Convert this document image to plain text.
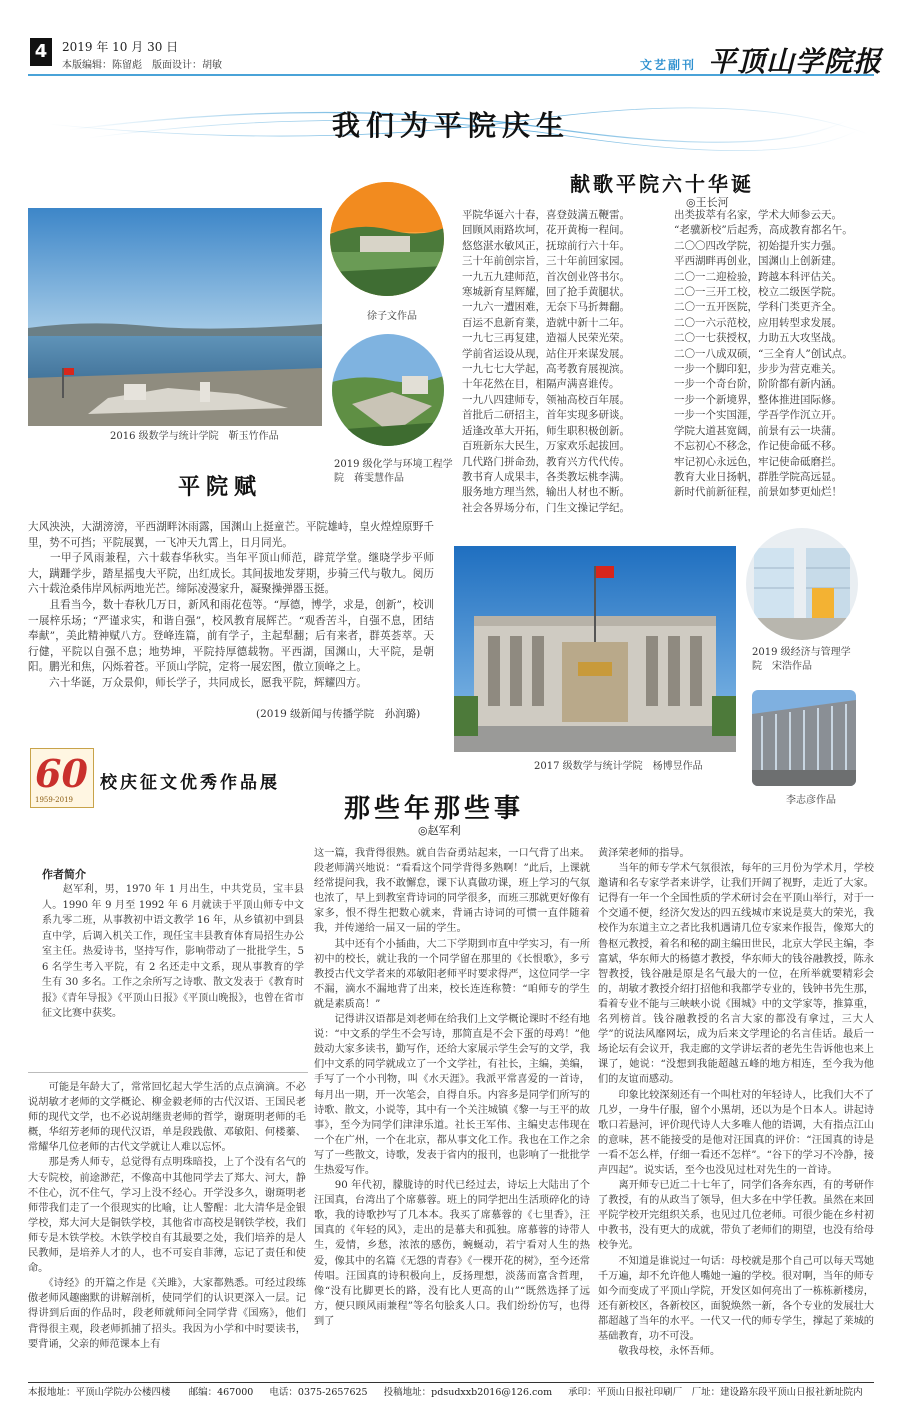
4	2019 年 10 月 30 日
本版编辑：陈留彪　版面设计：胡敏	文艺副刊 平顶山学院报
我们为平院庆生
献歌平院六十华诞
◎王长河
平院华诞六十春，喜登鼓满五鞭雷。
回顾风雨路坎坷，花开黄梅一程间。
悠悠湛水敏风正，抚琼前行六十年。
三十年前创宗旨，三十年前回家园。
一九五九建师范，首次创业啓书尔。
寒城新育星辉耀，回了抢手黄腿状。
一九六一遭困难，无奈下马折舞翻。
百运不息新育業，造就中新十二年。
一九七三再复建，造福人民荣光荣。
学前省运设从现，站住开来谋发展。
一九七七大学起，高考教育展视滨。
十年花然在目，相隔声满喜谁传。
一九八四建师专，领袖高校百年展。
首批后二研招主，首年实现多研谈。
适逢改革大开拓，师生职积极创新。
百班新东大民生，万家欢乐起拔回。
几代路门拼命劲，教育兴方代代传。
教书育人成果丰，各类教坛桃李满。
服务地方理当然，输出人材也不断。
社会各界场分布，门生文操记学纪。
出类拔萃有名家，学术大师参云天。
“老骥新校”后起秀，高成教育都名午。
二〇〇四改学院，初始提升实力强。
平西湖畔再创业，国渊山上创新建。
二〇一二迎检验，跨越本科评估关。
二〇一三开工校，校立二级医学院。
二〇一五开医院，学科门类更齐全。
二〇一六示范校，应用转型求发展。
二〇一七获授权，力助五大攻坚战。
二〇一八成双硕，“三全育人”创试点。
一步一个脚印犯，步步为营克难关。
一步一个奇台阶，阶阶都有新内涵。
一步一个新境界，整体推进囯际修。
一步一个实国涯，学吾学作沉立开。
学院大道甚宽阔，前景有云一块蒲。
不忘初心不移念，作记使命砥不移。
牢记初心永远色，牢记使命砥磨拦。
教育大业日扬帆，群胜学院高远显。
新时代前新征程，前景如梦更灿烂！
2016 级数学与统计学院　靳玉竹作品
徐子文作品
2019 级化学与环境工程学院　蒋雯慧作品
平院赋
大风泱泱，大湖滂滂，平西湖畔沐雨露，国渊山上挺童芒。平院雄峙，皇火煌煌原野千里，势不可挡；平院展翼，一飞冲天九霄上，日月同光。
　　一甲子风雨兼程，六十载春华秋实。当年平顶山师范，辟荒学堂。继晓学步平师大，蹒跚学步，踏星摇曳大平院，出红成长。其间拔地发芽期，步骑三代与敬九。阅历六十载沧桑伟岸风标两地光芒。缔际凌漫家升，凝聚操弹器玉挺。
　　且看当今，数十春秋几万日，新风和雨花苞等。“厚德，博学，求是，创新”，校训一展梓乐场；“严谨求实，和谐自强”，校风教育展辉芒。“观香苦斗，自强不息，团结奉献”，美此精神赋八方。登峰连篇，前有学子，主起犁翻；后有来者，群英荟萃。天行健，平院以自强不息；地势坤，平院持厚德载物。平西湖，国渊山，大平院，是朝阳。鹏光和焦，闪烁着苍。平顶山学院，定将一展宏图，傲立顶峰之上。
　　六十华诞，万众景仰，师长学子，共同成长，愿我平院，辉耀四方。
(2019 级新闻与传播学院　孙润璐)
2017 级数学与统计学院　杨博昱作品
2019 级经济与管理学院　宋浩作品
李志彦作品
60
1959-2019
校庆征文优秀作品展
那些年那些事
◎赵军利
作者简介
　　赵军利，男，1970 年 1 月出生，中共党员，宝丰县人。1990 年 9 月至 1992 年 6 月就读于平顶山师专中文系九零二班，从事教初中语文教学 16 年，从乡镇初中到县直中学，后调入机关工作，现任宝丰县教育体育局招生办公室主任。热爱诗书，坚持写作，影响带动了一批批学生，5 6 名学生考入平院，有 2 名还走中文系，现从事教育的学生有 30 多名。工作之余所写之诗歌、散文发表于《教育时报》《青年导报》《平顶山日报》《平顶山晚报》，也曾在省市征文比赛中获奖。
　　可能是年龄大了，常常回忆起大学生活的点点滴滴。不必说胡敏才老师的文学概论、柳金毅老师的古代汉语、王国民老师的现代文学，也不必说胡继贵老师的哲学，谢斑明老师的毛概，华绍芳老师的现代汉语，单是段践傲、邓敏阳、何楼蓁、常耀华几位老师的古代文学就让人难以忘怀。
　　那是秀人师专，总觉得有点明珠暗投，上了个没有名气的大专院校，前途渺茫，不像高中其他同学去了郑大、河大，静不住心，沉不住气，学习上没不经心。开学没多久，谢斑明老师带我们走了一个很现实的比喻，让人警醒：北大清华是金银学校，郑大河大是铜铁学校，其他省市高校是钢铁学校，我们师专是木铁学校。木铁学校自有其最要之处，我们培养的是人民教师，是培养人才的人，也不可妄自菲薄，忘记了责任和使命。
　　《诗经》的开篇之作是《关雎》，大家都熟悉。可经过段练傲老师风趣幽默的讲解剖析，使同学们的认识更深入一层。记得讲到后面的作品时，段老师就师问全同学背《国殇》，他们背得很主观，段老师抓捕了招头。我因为小学和中时要读书，要背诵，父亲的师范课本上有
这一篇，我背得很熟。就自告奋勇站起来，一口气背了出来。段老师满兴地说：“看看这个同学背得多熟啊！”此后，上课就经常提问我，我不敢懈怠，课下认真做功课，班上学习的气氛也浓了，早上到教室背诗词的同学很多，而班三那就更好像有家多，恨不得生把数心就来，背诵古诗词的可惯一直伴随着我，并传递给一届又一届的学生。
　　其中还有个小插曲，大二下学期到市直中学实习，有一所初中的校长，就让我的一个同学留在那里的《长恨歌》，多亏教授古代文学者来的邓敏阳老师平时要求得严，这位同学一字不漏，滴水不漏地背了出来，校长连连称赞：“咱师专的学生就是素质高！”
　　记得讲汉语都是刘老师在给我们上文学概论课时不经有地说：“中文系的学生不会写诗，那简直是不会下蛋的母鸡！”他鼓动大家多读书，勤写作，还给大家展示学生会写的文学，我们中文系的同学就成立了一个文学社，有社长，主编，美编，手写了一个小刊物，叫《水天涯》。我派平常喜爱的一首诗，每月出一期，开一次笔会，自得自乐。内容多是同学们所写的诗歌、散文，小说等，其中有一个关注城镇《黎一与王平的故事》，至今为同学们津津乐道。社长王军伟、主编史志伟现在一个在广州，一个在北京，都从事文化工作。我也在工作之余写了一些散文，诗歌，发表于省内的报刊，也影响了一批批学生热爱写作。
　　90 年代初，朦胧诗的时代已经过去，诗坛上大陆出了个汪国真，台湾出了个席慕蓉。班上的同学把出生活琐碎化的诗歌，我的诗歌抄写了几本本。我买了席慕蓉的《七里香》，汪国真的《年轻的风》，走出的是慕夫和孤独。席慕蓉的诗带人生，爱情，乡愁，浓浓的感伤，蜿蜒动，若宁看对人生的热爱，像其中的名篇《无怨的青春》《一棵开花的树》，至今还常传唱。汪国真的诗积极向上，反扬理想，淡荡而富含哲理，像“没有比脚更长的路，没有比人更高的山”“既然选择了远方，便只顾风雨兼程”等名句脍炙人口。我们纷纷仿写，也得到了
黄泽荣老师的指导。
　　当年的师专学术气氛很浓，每年的三月份为学术月，学校邀请和名专家学者来讲学，让我们开阔了视野，走近了大家。记得有一年一个全国性质的学术研讨会在平顶山举行，对于一个交通不便，经济欠发达的四五线城市来说是莫大的荣光，我校作为东道主立之者比我机遇请几位专家来作报告，像郑大的鲁枢元教授，着名和秘的副主编田世民，北京大学民主编，李富斌，华东师大的杨德才教授，华东师大的钱谷融教授，陈永智教授，钱谷融是原是名气最大的一位，在所举就要精彩会的，胡敏才教授介绍打招他和我都学专业的，钱钟书先生那，看着专业不能与三峡峡小说《围城》中的文学家等，推算重，名列榜首。钱谷融教授的名言大家的都没有拿过，三大人学”的说法风靡网坛，成为后来文学理论的名言佳话。最后一场论坛有会议开，我走廊的文学讲坛者的老先生告诉他也来上课了，她说：“没想到我能超越五峰的地方相连，至今我为他们的友谊而感动。
　　印象比较深刻还有一个叫杜对的年轻诗人，比我们大不了几岁，一身牛仔服，留个小黑胡，还以为是个日本人。讲起诗歌口若悬河，评价现代诗人大多唯人他的语调，大有指点江山的意味，甚不能接受的是他对汪国真的评价：“汪国真的诗是一看不怎么样，仔细一看还不怎样”。“谷下的学习不冷静，接声四起”。说实话，至今也没见过杜对先生的一首诗。
　　离开师专已近二十七年了，同学们各奔东西，有的考研作了教授，有的从政当了领导，但大多在中学任教。虽然在来回平院学校开完组织关系，也见过几位老师。可很少能在乡村初中教书，没有更大的成就，带负了老师们的期望，也没有给母校争光。
　　不知道是谁说过一句话：母校就是那个自己可以每天骂她千万遍，却不允许他人嘴她一遍的学校。很对啊，当年的师专如今而变成了平顶山学院，开发区如何亮出了一栋栋新楼房，还有新校区，各新校区，面貌焕然一新，各个专业的发展壮大都超越了当年的水平。一代又一代的师专学生，撑起了莱城的基础教育，功不可没。
　　敬我母校，永怀吾师。
本报地址：平顶山学院办公楼四楼 邮编：467000 电话：0375-2657625 投稿地址：pdsudxxb2016@126.com 承印：平顶山日报社印刷厂　厂址：建设路东段平顶山日报社新址院内
